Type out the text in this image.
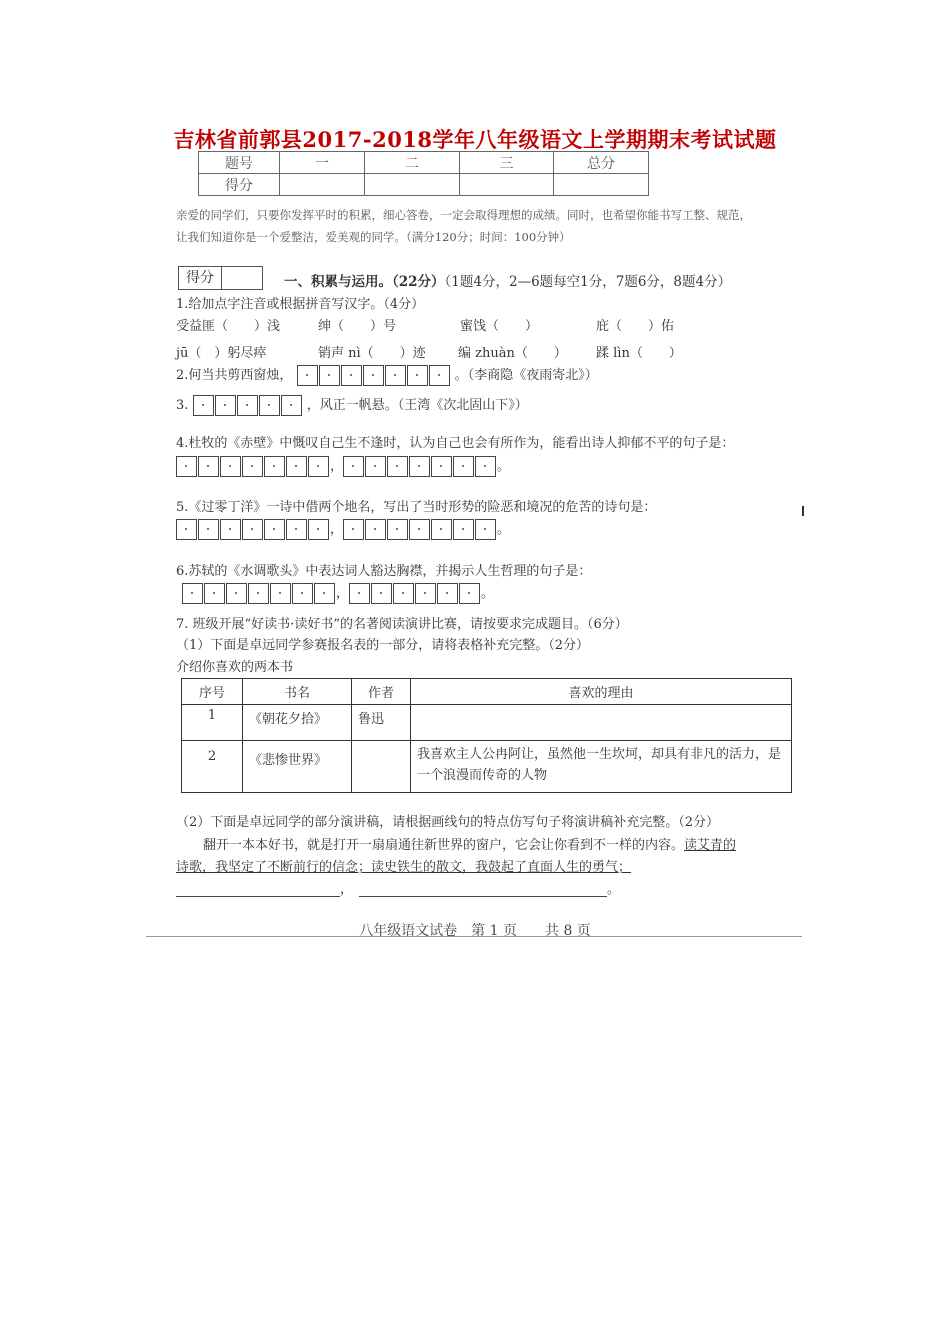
吉林省前郭县2017-2018学年八年级语文上学期期末考试试题
题号	一	二	三	总分
得分				
亲爱的同学们，只要你发挥平时的积累，细心答卷，一定会取得理想的成绩。同时，也希望你能书写工整、规范，
让我们知道你是一个爱整洁，爱美观的同学。（满分120分；时间：100分钟）
得分	一、积累与运用。（22分）（1题4分，2—6题每空1分，7题6分，8题4分）
1.给加点字注音或根据拼音写汉字。（4分）
受益匪（　　）浅	绅（　　）号	蜜饯（　　）	庇（　　）佑
jū（　）躬尽瘁	销声 nì（　　）迹 编 zhuàn（　　） 蹂 lìn（　　）
2.何当共剪西窗烛，	。（李商隐《夜雨寄北》）
3.	，风正一帆悬。（王湾《次北固山下》）
4.杜牧的《赤壁》中慨叹自己生不逢时，认为自己也会有所作为，能看出诗人抑郁不平的句子是：
，	。
5.《过零丁洋》一诗中借两个地名，写出了当时形势的险恶和境况的危苦的诗句是：
，	。
6.苏轼的《水调歌头》中表达词人豁达胸襟，并揭示人生哲理的句子是：
，	。
7. 班级开展“好读书·读好书”的名著阅读演讲比赛，请按要求完成题目。（6分）
（1）下面是卓远同学参赛报名表的一部分，请将表格补充完整。（2分）
介绍你喜欢的两本书
序号	书名	作者	喜欢的理由
1	《朝花夕拾》	鲁迅	
2	《悲惨世界》		我喜欢主人公冉阿让，虽然他一生坎坷，却具有非凡的活力，是一个浪漫而传奇的人物
（2）下面是卓远同学的部分演讲稿，请根据画线句的特点仿写句子将演讲稿补充完整。（2分）
翻开一本本好书，就是打开一扇扇通往新世界的窗户，它会让你看到不一样的内容。读艾青的
诗歌，我坚定了不断前行的信念；读史铁生的散文，我鼓起了直面人生的勇气；
，	。
八年级语文试卷　第 1 页　　共 8 页
